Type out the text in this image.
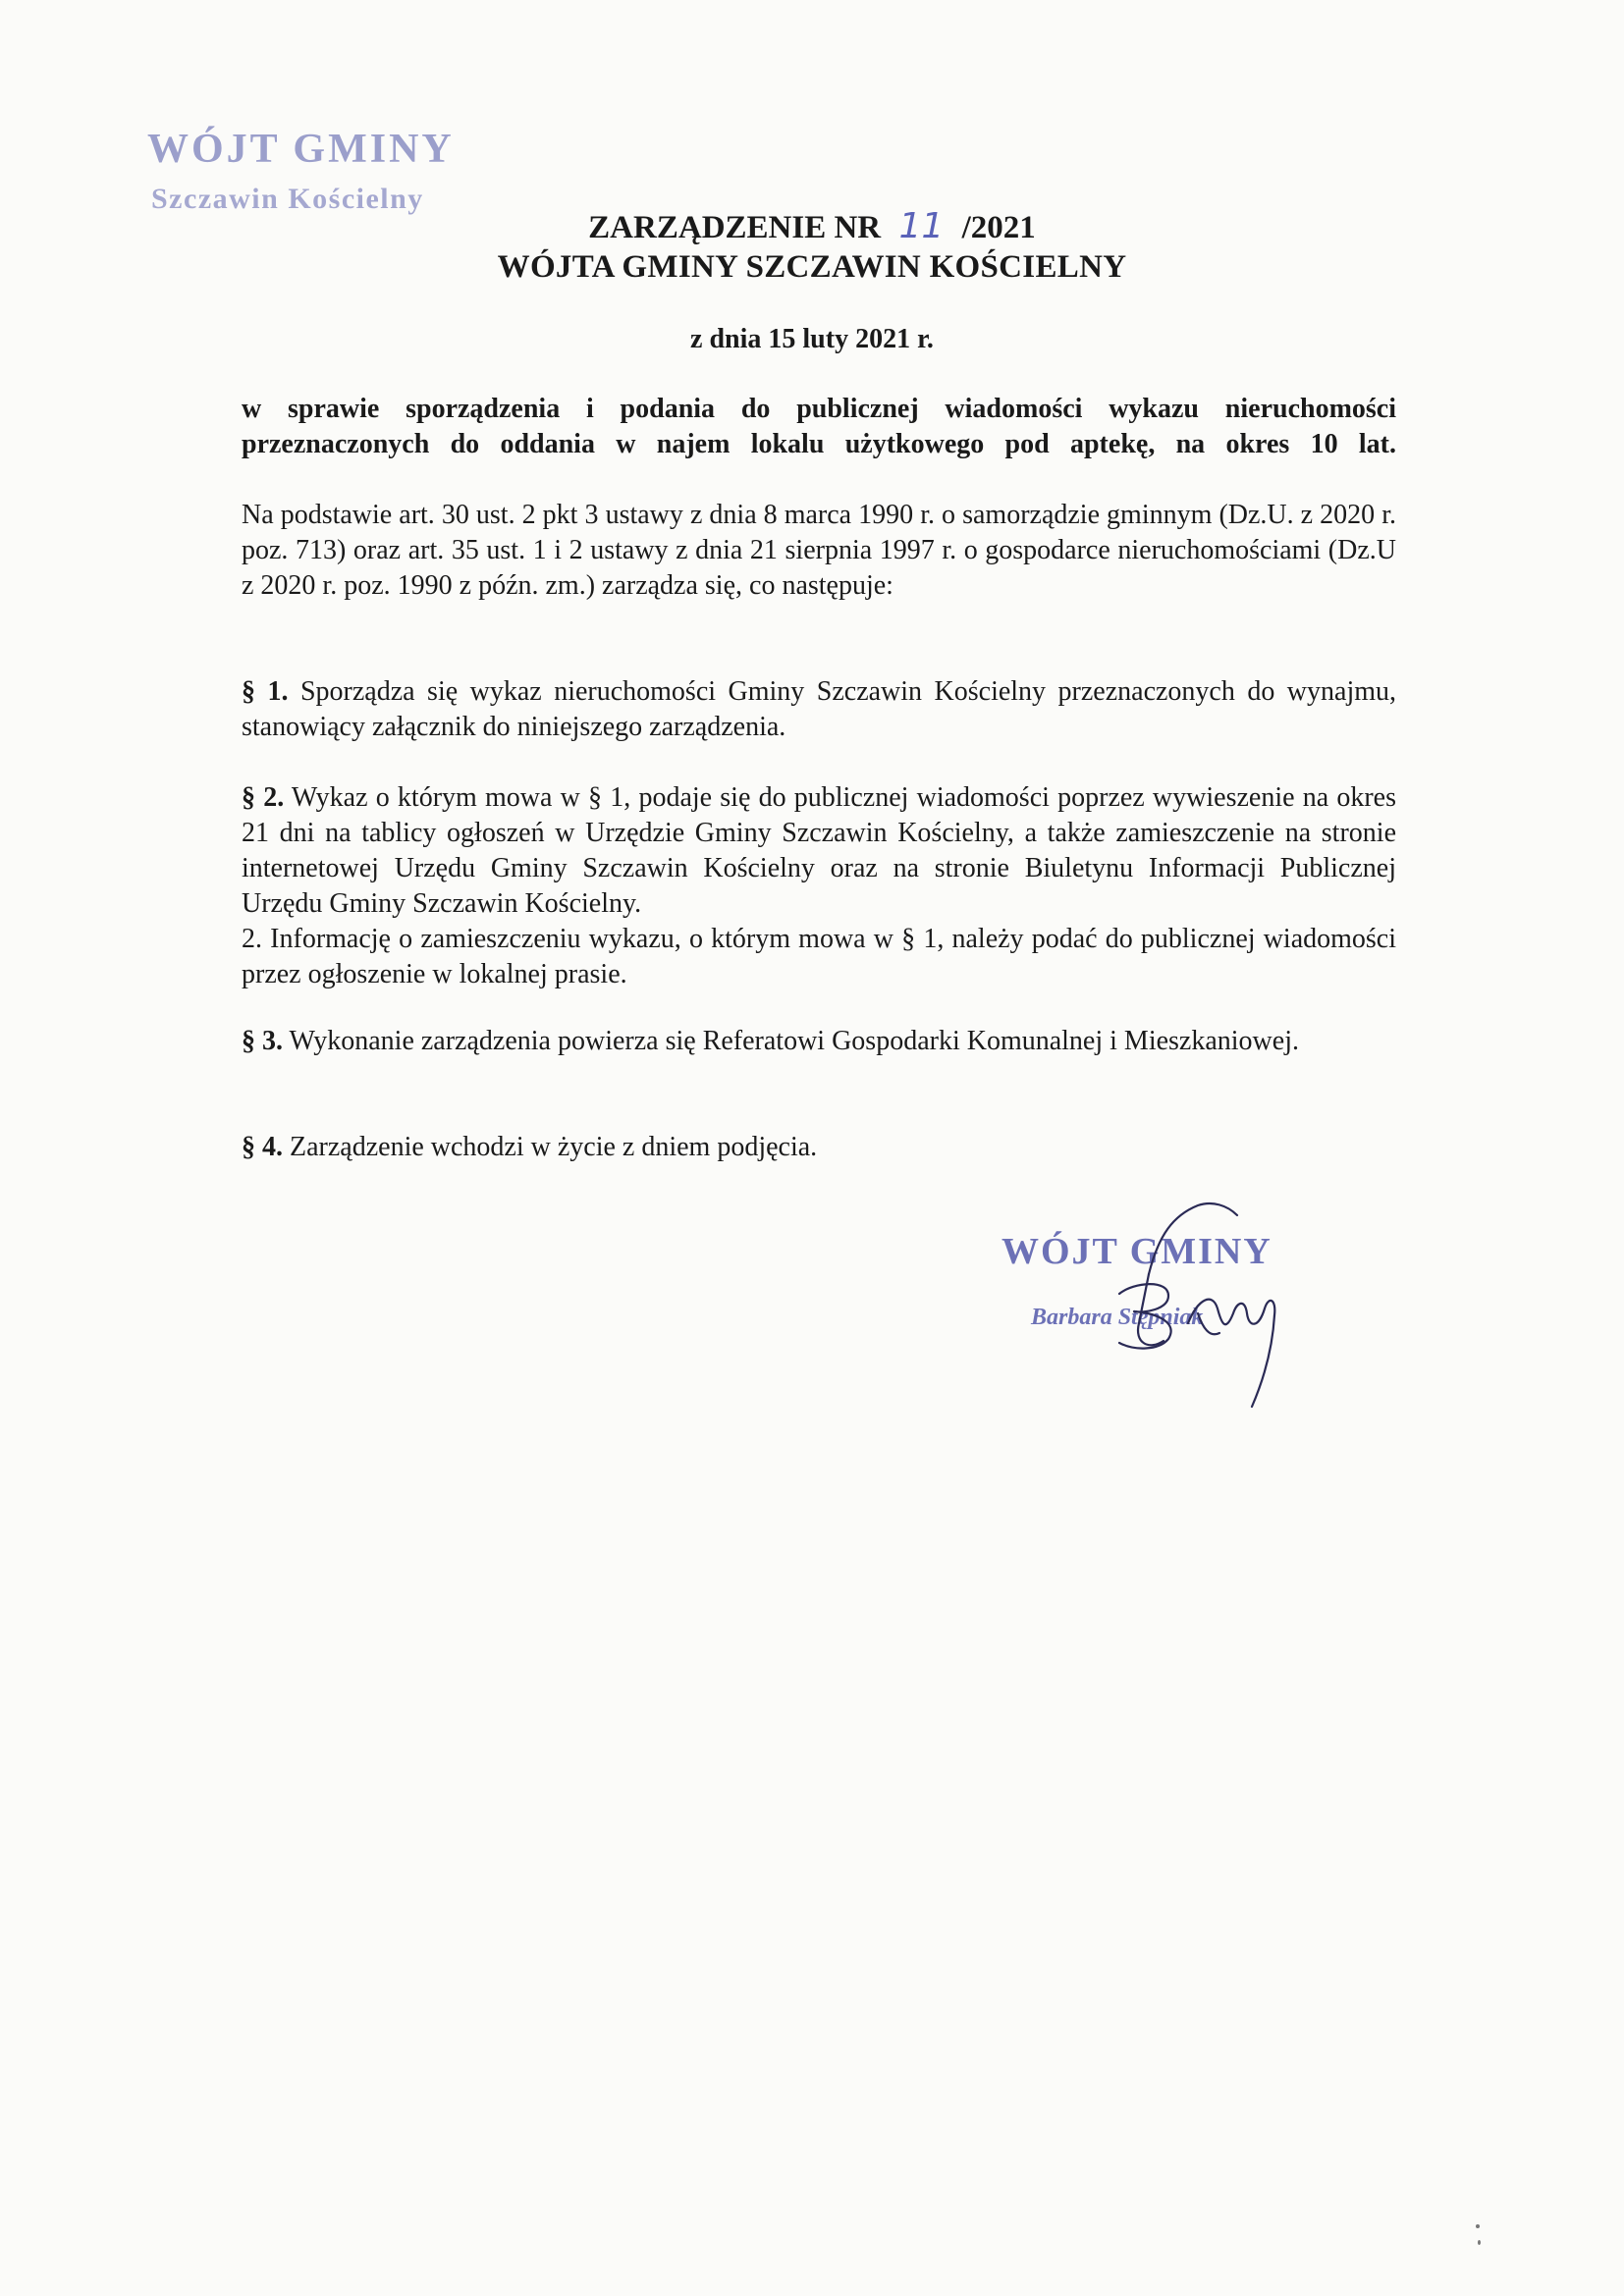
WÓJT GMINY
Szczawin Kościelny
ZARZĄDZENIE NR 11 /2021
WÓJTA GMINY SZCZAWIN KOŚCIELNY
z dnia 15 luty 2021 r.
w sprawie sporządzenia i podania do publicznej wiadomości wykazu nieruchomości przeznaczonych do oddania w najem lokalu użytkowego pod aptekę, na okres 10 lat.
Na podstawie art. 30 ust. 2 pkt 3 ustawy z dnia 8 marca 1990 r. o samorządzie gminnym (Dz.U. z 2020 r. poz. 713) oraz art. 35 ust. 1 i 2 ustawy z dnia 21 sierpnia 1997 r. o gospodarce nieruchomościami (Dz.U z 2020 r. poz. 1990 z późn. zm.) zarządza się, co następuje:
§ 1. Sporządza się wykaz nieruchomości Gminy Szczawin Kościelny przeznaczonych do wynajmu, stanowiący załącznik do niniejszego zarządzenia.
§ 2. Wykaz o którym mowa w § 1, podaje się do publicznej wiadomości poprzez wywieszenie na okres 21 dni na tablicy ogłoszeń w Urzędzie Gminy Szczawin Kościelny, a także zamieszczenie na stronie internetowej Urzędu Gminy Szczawin Kościelny oraz na stronie Biuletynu Informacji Publicznej Urzędu Gminy Szczawin Kościelny.
2. Informację o zamieszczeniu wykazu, o którym mowa w § 1, należy podać do publicznej wiadomości przez ogłoszenie w lokalnej prasie.
§ 3. Wykonanie zarządzenia powierza się Referatowi Gospodarki Komunalnej i Mieszkaniowej.
§ 4. Zarządzenie wchodzi w życie z dniem podjęcia.
WÓJT GMINY
Barbara Stępniak
